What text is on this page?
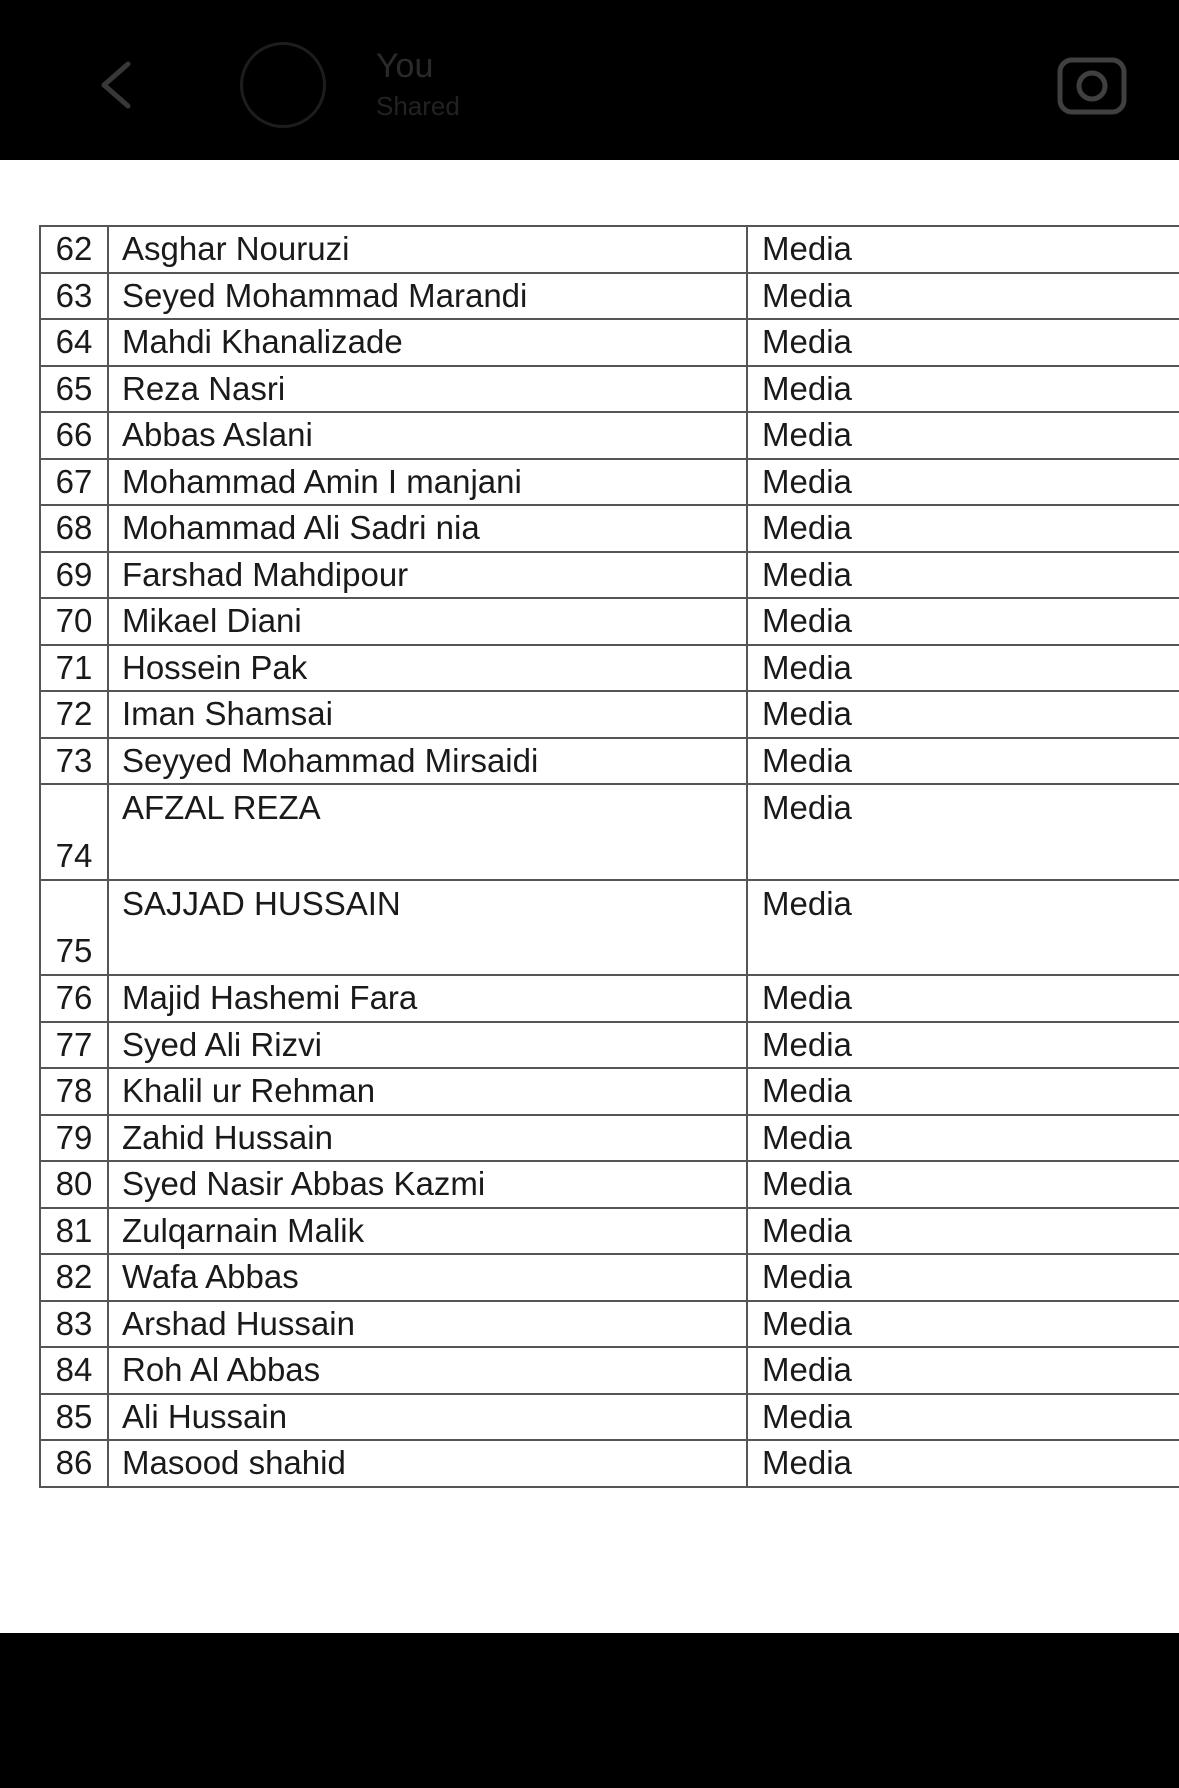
You
Shared
62	Asghar Nouruzi	Media
63	Seyed Mohammad Marandi	Media
64	Mahdi Khanalizade	Media
65	Reza Nasri	Media
66	Abbas Aslani	Media
67	Mohammad Amin I manjani	Media
68	Mohammad Ali Sadri nia	Media
69	Farshad Mahdipour	Media
70	Mikael Diani	Media
71	Hossein Pak	Media
72	Iman Shamsai	Media
73	Seyyed Mohammad Mirsaidi	Media
74	AFZAL REZA	Media
75	SAJJAD HUSSAIN	Media
76	Majid Hashemi Fara	Media
77	Syed Ali Rizvi	Media
78	Khalil ur Rehman	Media
79	Zahid Hussain	Media
80	Syed Nasir Abbas Kazmi	Media
81	Zulqarnain Malik	Media
82	Wafa Abbas	Media
83	Arshad Hussain	Media
84	Roh Al Abbas	Media
85	Ali Hussain	Media
86	Masood shahid	Media
